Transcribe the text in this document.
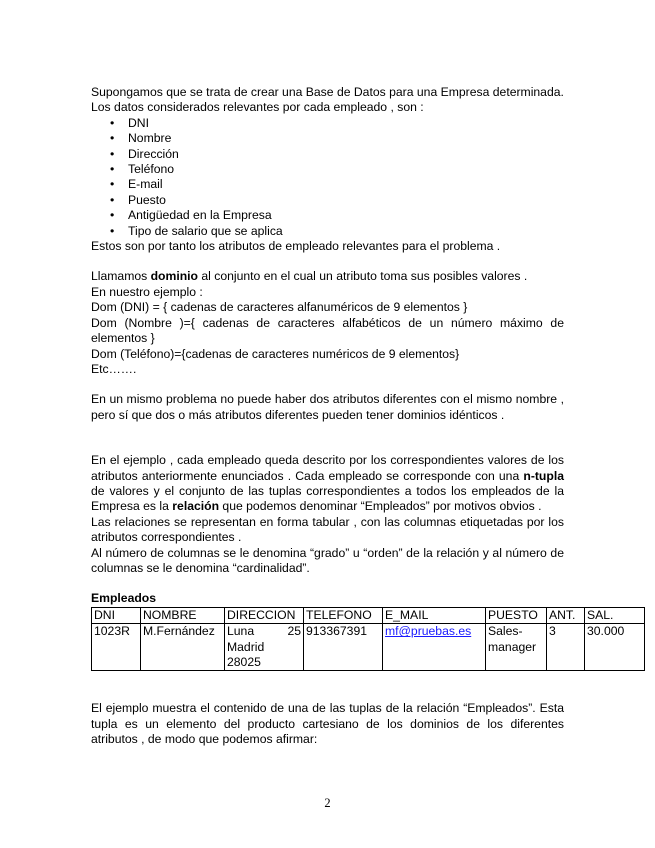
Supongamos que se trata de crear una Base de Datos para una Empresa determinada.

Los datos considerados relevantes por cada empleado , son :

• DNI
• Nombre
• Dirección
• Teléfono
• E-mail
• Puesto
• Antigüedad en la Empresa
• Tipo de salario que se aplica

Estos son por tanto los atributos de empleado relevantes para el problema .

Llamamos dominio al conjunto en el cual un atributo toma sus posibles valores .

En nuestro ejemplo :

Dom (DNI) = { cadenas de caracteres alfanuméricos de 9 elementos }

Dom (Nombre )={ cadenas de caracteres alfabéticos de un número máximo de elementos }

Dom (Teléfono)={cadenas de caracteres numéricos de 9 elementos}

Etc…….

En un mismo problema no puede haber dos atributos diferentes con el mismo nombre , pero sí que dos o más atributos diferentes pueden tener dominios idénticos .

En el ejemplo , cada empleado queda descrito por los correspondientes valores de los atributos anteriormente enunciados . Cada empleado se corresponde con una n-tupla de valores y el conjunto de las tuplas correspondientes a todos los empleados de la Empresa es la relación que podemos denominar “Empleados” por motivos obvios .

Las relaciones se representan en forma tabular , con las columnas etiquetadas por los atributos correspondientes .

Al número de columnas se le denomina “grado” u “orden” de la relación y al número de columnas se le denomina “cardinalidad”.

Empleados
DNI	NOMBRE	DIRECCION	TELEFONO	E_MAIL	PUESTO	ANT.	SAL.
1023R	M.Fernández	Luna 25
Madrid
28025	913367391	mf@pruebas.es	Sales-manager	3	30.000

El ejemplo muestra el contenido de una de las tuplas de la relación “Empleados”. Esta tupla es un elemento del producto cartesiano de los dominios de los diferentes atributos , de modo que podemos afirmar:

2
